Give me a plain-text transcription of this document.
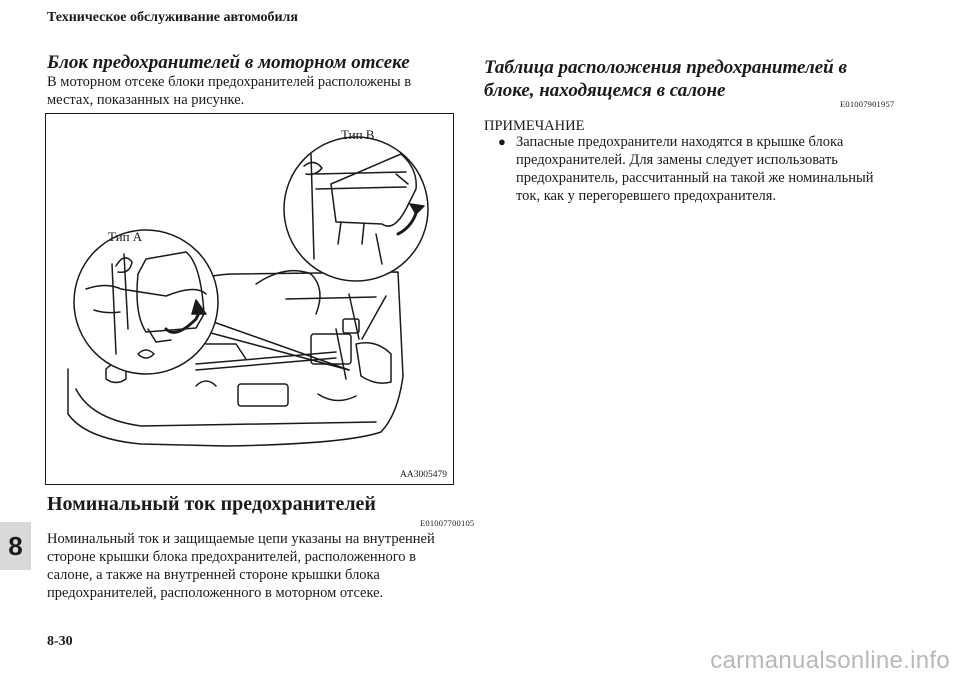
Техническое обслуживание автомобиля
Блок предохранителей в моторном отсеке
В моторном отсеке блоки предохранителей расположены в местах, показанных на рисунке.
Тип A
Тип B
AA3005479
Номинальный ток предохранителей
E01007700105
Номинальный ток и защищаемые цепи указаны на внутренней стороне крышки блока предохранителей, расположенного в салоне, а также на внутренней стороне крышки блока предохранителей, расположенного в моторном отсеке.
Таблица расположения предохранителей в блоке, находящемся в салоне
E01007901957
ПРИМЕЧАНИЕ
● Запасные предохранители находятся в крышке блока предохранителей. Для замены следует использовать предохранитель, рассчитанный на такой же номинальный ток, как у перегоревшего предохранителя.
8
8-30
carmanualsonline.info
